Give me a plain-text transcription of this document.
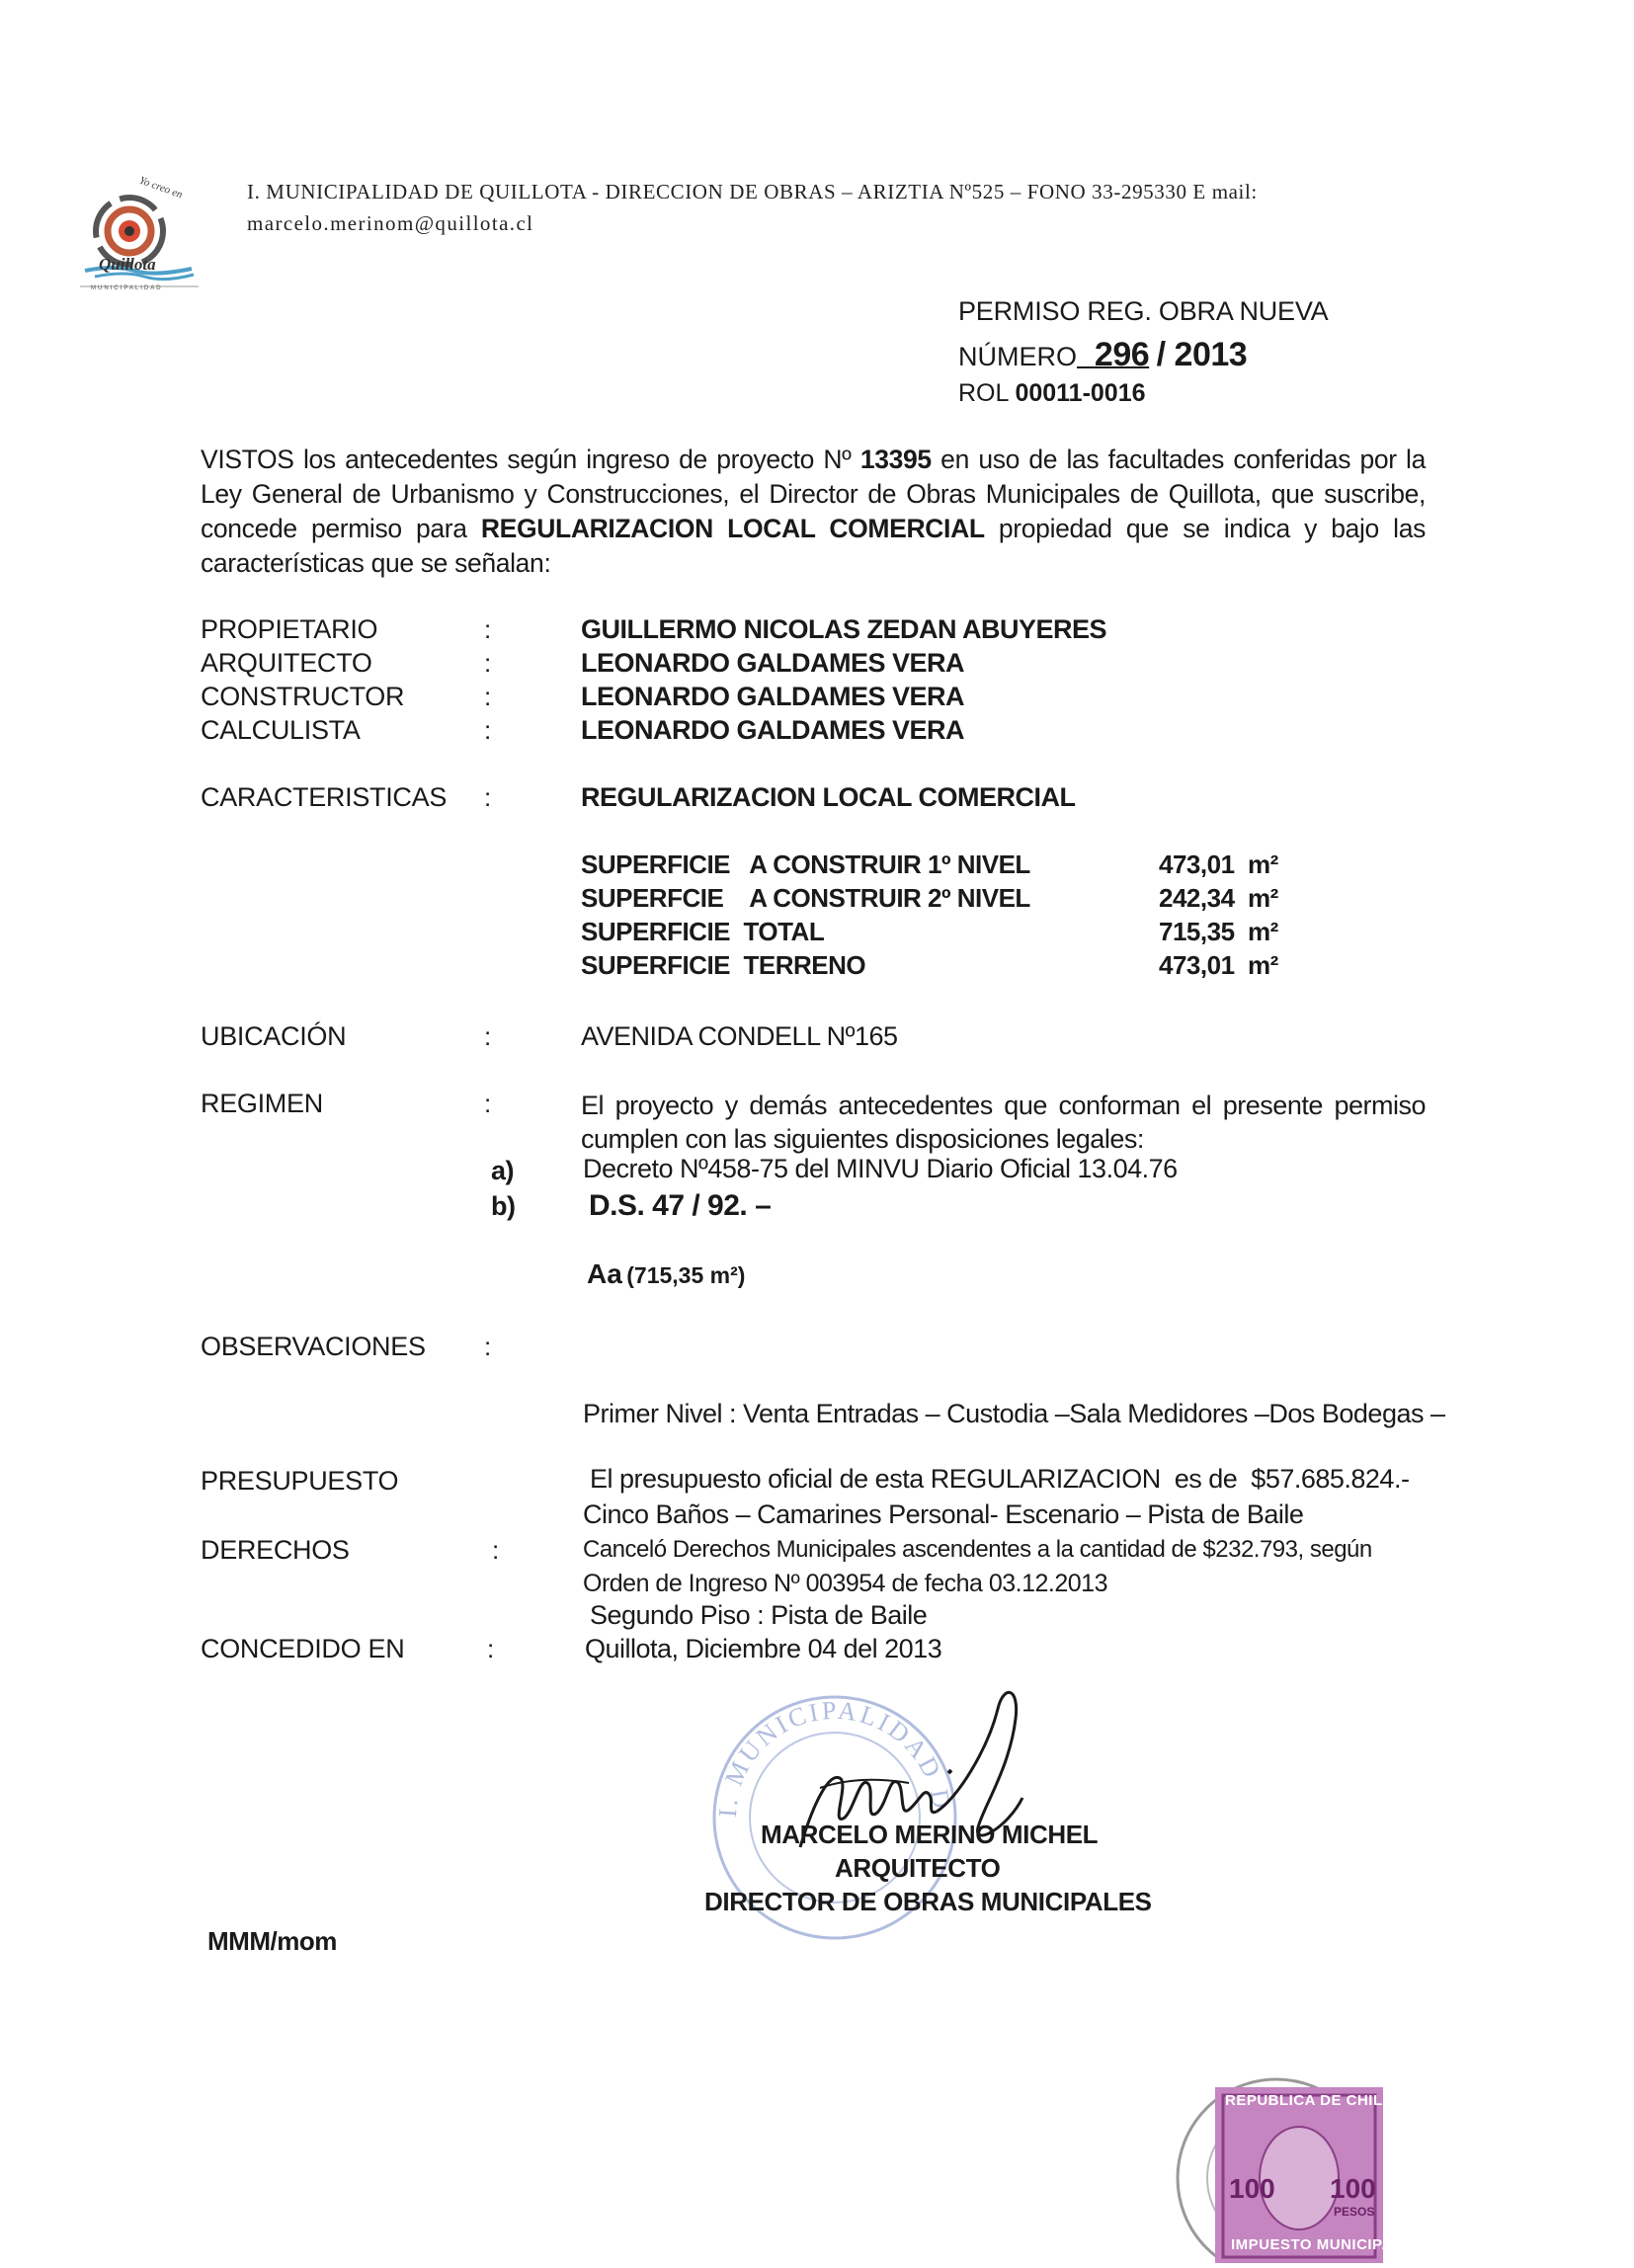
Yo creo en
Quillota
MUNICIPALIDAD
I. MUNICIPALIDAD DE QUILLOTA - DIRECCION DE OBRAS – ARIZTIA Nº525 – FONO 33-295330 E mail:
marcelo.merinom@quillota.cl
PERMISO REG. OBRA NUEVA
NÚMERO 296 / 2013
ROL 00011-0016
VISTOS los antecedentes según ingreso de proyecto Nº 13395 en uso de las facultades conferidas por la Ley General de Urbanismo y Construcciones, el Director de Obras Municipales de Quillota, que suscribe, concede permiso para REGULARIZACION LOCAL COMERCIAL propiedad que se indica y bajo las características que se señalan:
PROPIETARIO	:	GUILLERMO NICOLAS ZEDAN ABUYERES
ARQUITECTO	:	LEONARDO GALDAMES VERA
CONSTRUCTOR	:	LEONARDO GALDAMES VERA
CALCULISTA	:	LEONARDO GALDAMES VERA
CARACTERISTICAS :	REGULARIZACION LOCAL COMERCIAL
SUPERFICIE   A CONSTRUIR 1º NIVEL	473,01 m²
SUPERFCIE    A CONSTRUIR 2º NIVEL	242,34 m²
SUPERFICIE  TOTAL	715,35 m²
SUPERFICIE  TERRENO	473,01 m²
UBICACIÓN	:	AVENIDA CONDELL Nº165
REGIMEN	:	El proyecto y demás antecedentes que conforman el presente permiso cumplen con las siguientes disposiciones legales:
a)	Decreto Nº458-75 del MINVU Diario Oficial 13.04.76
b) D.S. 47 / 92. –
Aa (715,35 m²)
OBSERVACIONES :

Primer Nivel : Venta Entradas – Custodia –Sala Medidores –Dos Bodegas –

Cinco Baños – Camarines Personal- Escenario – Pista de Baile

Segundo Piso : Pista de Baile

PRESUPUESTO	El presupuesto oficial de esta REGULARIZACION  es de  $57.685.824.-
DERECHOS	:	Canceló Derechos Municipales ascendentes a la cantidad de $232.793, según
Orden de Ingreso Nº 003954 de fecha 03.12.2013
CONCEDIDO EN	:	Quillota, Diciembre 04 del 2013
I. MUNICIPALIDAD D
MARCELO MERINO MICHEL
ARQUITECTO
DIRECTOR DE OBRAS MUNICIPALES
MMM/mom
REPUBLICA DE CHILE
100 100
PESOS
IMPUESTO MUNICIPAL
